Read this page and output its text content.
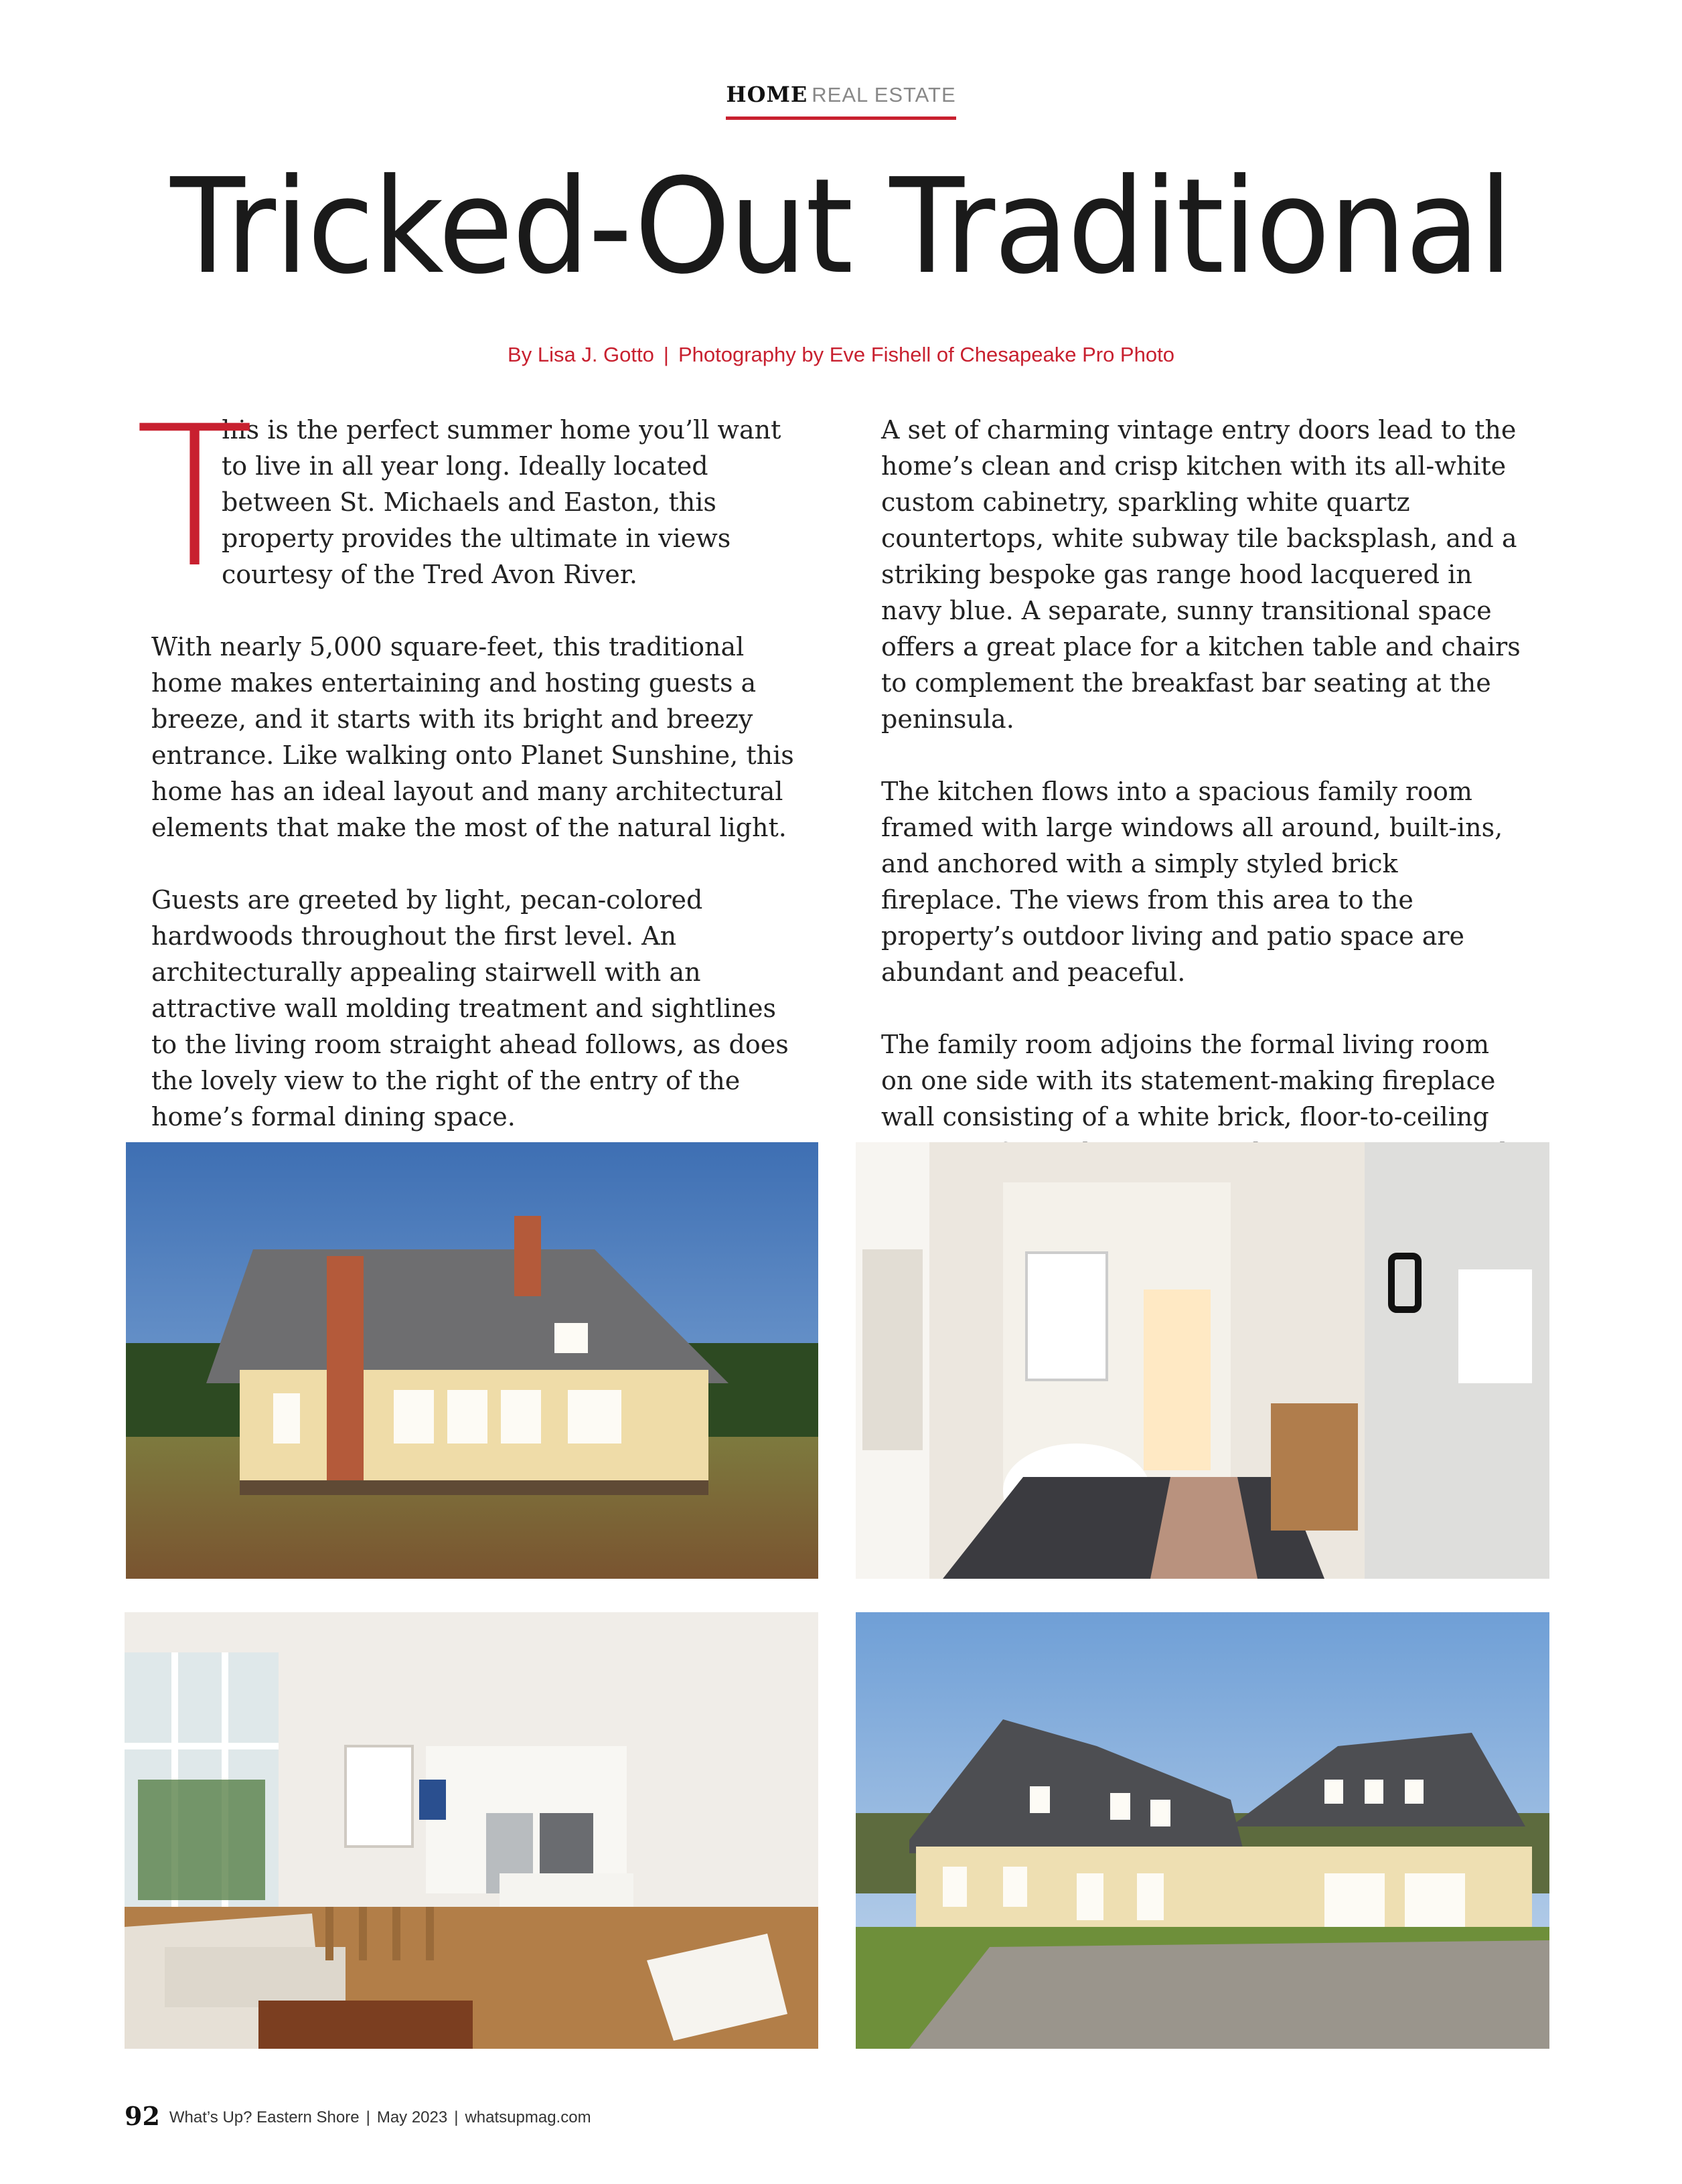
HOME REAL ESTATE
Tricked-Out Traditional
By Lisa J. Gotto | Photography by Eve Fishell of Chesapeake Pro Photo
T

his is the perfect summer home you’ll want to live in all year long. Ideally located between St. Michaels and Easton, this property provides the ultimate in views courtesy of the Tred Avon River.

With nearly 5,000 square-feet, this traditional home makes entertaining and hosting guests a breeze, and it starts with its bright and breezy entrance. Like walking onto Planet Sunshine, this home has an ideal layout and many architectural elements that make the most of the natural light.

Guests are greeted by light, pecan-colored hardwoods throughout the first level. An architecturally appealing stairwell with an attractive wall molding treatment and sightlines to the living room straight ahead follows, as does the lovely view to the right of the entry of the home’s formal dining space.

A set of charming vintage entry doors lead to the home’s clean and crisp kitchen with its all-white custom cabinetry, sparkling white quartz countertops, white subway tile backsplash, and a striking bespoke gas range hood lacquered in navy blue. A separate, sunny transitional space offers a great place for a kitchen table and chairs to complement the breakfast bar seating at the peninsula.

The kitchen flows into a spacious family room framed with large windows all around, built-ins, and anchored with a simply styled brick fireplace. The views from this area to the property’s outdoor living and patio space are abundant and peaceful.

The family room adjoins the formal living room on one side with its statement-making fireplace wall consisting of a white brick, floor-to-ceiling

92 What’s Up? Eastern Shore | May 2023 | whatsupmag.com
